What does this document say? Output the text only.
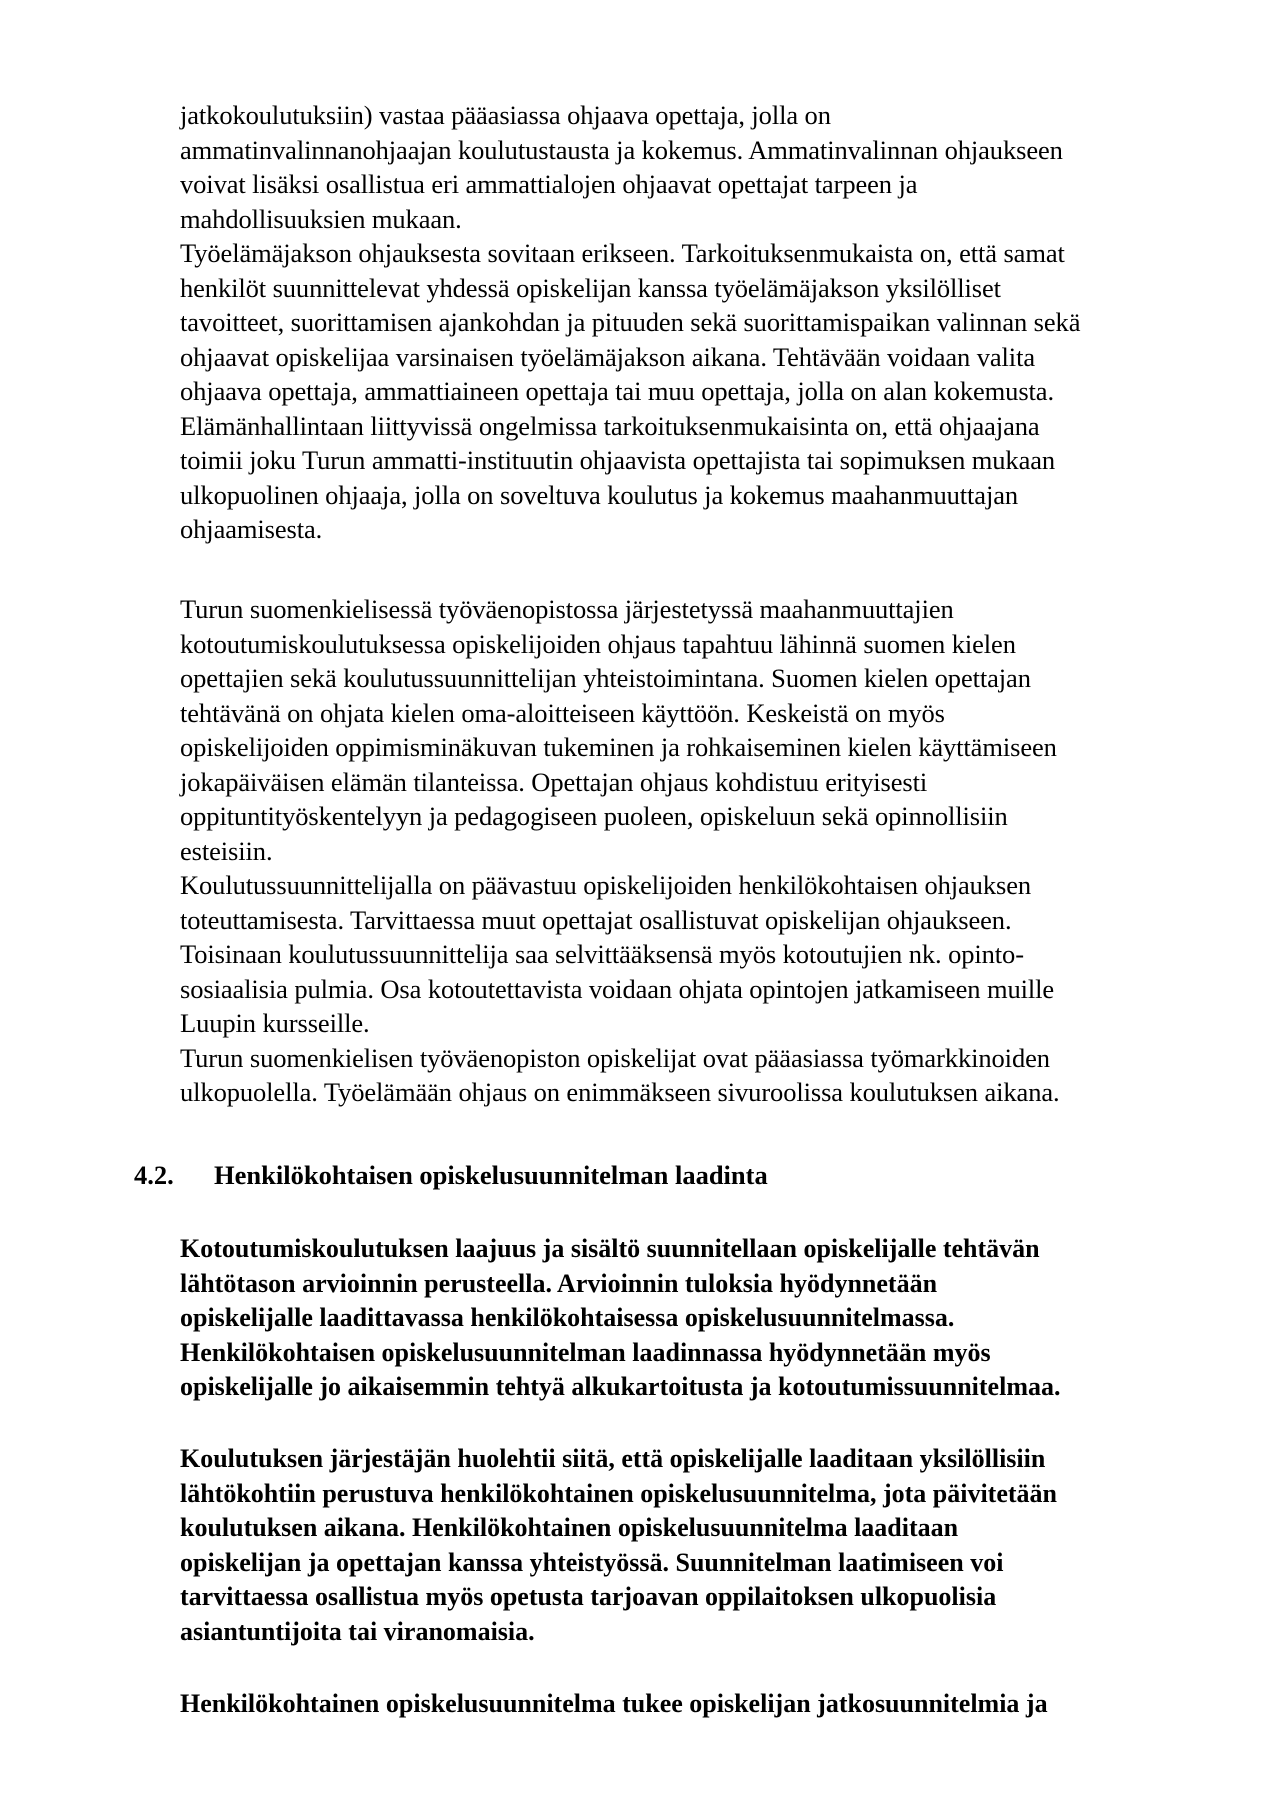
jatkokoulutuksiin) vastaa pääasiassa ohjaava opettaja, jolla on
ammatinvalinnanohjaajan koulutustausta ja kokemus. Ammatinvalinnan ohjaukseen
voivat lisäksi osallistua eri ammattialojen ohjaavat opettajat tarpeen ja
mahdollisuuksien mukaan.
Työelämäjakson ohjauksesta sovitaan erikseen. Tarkoituksenmukaista on, että samat
henkilöt suunnittelevat yhdessä opiskelijan kanssa työelämäjakson yksilölliset
tavoitteet, suorittamisen ajankohdan ja pituuden sekä suorittamispaikan valinnan sekä
ohjaavat opiskelijaa varsinaisen työelämäjakson aikana. Tehtävään voidaan valita
ohjaava opettaja, ammattiaineen opettaja tai muu opettaja, jolla on alan kokemusta.
Elämänhallintaan liittyvissä ongelmissa tarkoituksenmukaisinta on, että ohjaajana
toimii joku Turun ammatti-instituutin ohjaavista opettajista tai sopimuksen mukaan
ulkopuolinen ohjaaja, jolla on soveltuva koulutus ja kokemus maahanmuuttajan
ohjaamisesta.

Turun suomenkielisessä työväenopistossa järjestetyssä maahanmuuttajien
kotoutumiskoulutuksessa opiskelijoiden ohjaus tapahtuu lähinnä suomen kielen
opettajien sekä koulutussuunnittelijan yhteistoimintana. Suomen kielen opettajan
tehtävänä on ohjata kielen oma-aloitteiseen käyttöön. Keskeistä on myös
opiskelijoiden oppimisminäkuvan tukeminen ja rohkaiseminen kielen käyttämiseen
jokapäiväisen elämän tilanteissa. Opettajan ohjaus kohdistuu erityisesti
oppituntityöskentelyyn ja pedagogiseen puoleen, opiskeluun sekä opinnollisiin
esteisiin.
Koulutussuunnittelijalla on päävastuu opiskelijoiden henkilökohtaisen ohjauksen
toteuttamisesta. Tarvittaessa muut opettajat osallistuvat opiskelijan ohjaukseen.
Toisinaan koulutussuunnittelija saa selvittääksensä myös kotoutujien nk. opinto-
sosiaalisia pulmia. Osa kotoutettavista voidaan ohjata opintojen jatkamiseen muille
Luupin kursseille.
Turun suomenkielisen työväenopiston opiskelijat ovat pääasiassa työmarkkinoiden
ulkopuolella. Työelämään ohjaus on enimmäkseen sivuroolissa koulutuksen aikana.

4.2. Henkilökohtaisen opiskelusuunnitelman laadinta

Kotoutumiskoulutuksen laajuus ja sisältö suunnitellaan opiskelijalle tehtävän
lähtötason arvioinnin perusteella. Arvioinnin tuloksia hyödynnetään
opiskelijalle laadittavassa henkilökohtaisessa opiskelusuunnitelmassa.
Henkilökohtaisen opiskelusuunnitelman laadinnassa hyödynnetään myös
opiskelijalle jo aikaisemmin tehtyä alkukartoitusta ja kotoutumissuunnitelmaa.

Koulutuksen järjestäjän huolehtii siitä, että opiskelijalle laaditaan yksilöllisiin
lähtökohtiin perustuva henkilökohtainen opiskelusuunnitelma, jota päivitetään
koulutuksen aikana. Henkilökohtainen opiskelusuunnitelma laaditaan
opiskelijan ja opettajan kanssa yhteistyössä. Suunnitelman laatimiseen voi
tarvittaessa osallistua myös opetusta tarjoavan oppilaitoksen ulkopuolisia
asiantuntijoita tai viranomaisia.

Henkilökohtainen opiskelusuunnitelma tukee opiskelijan jatkosuunnitelmia ja
